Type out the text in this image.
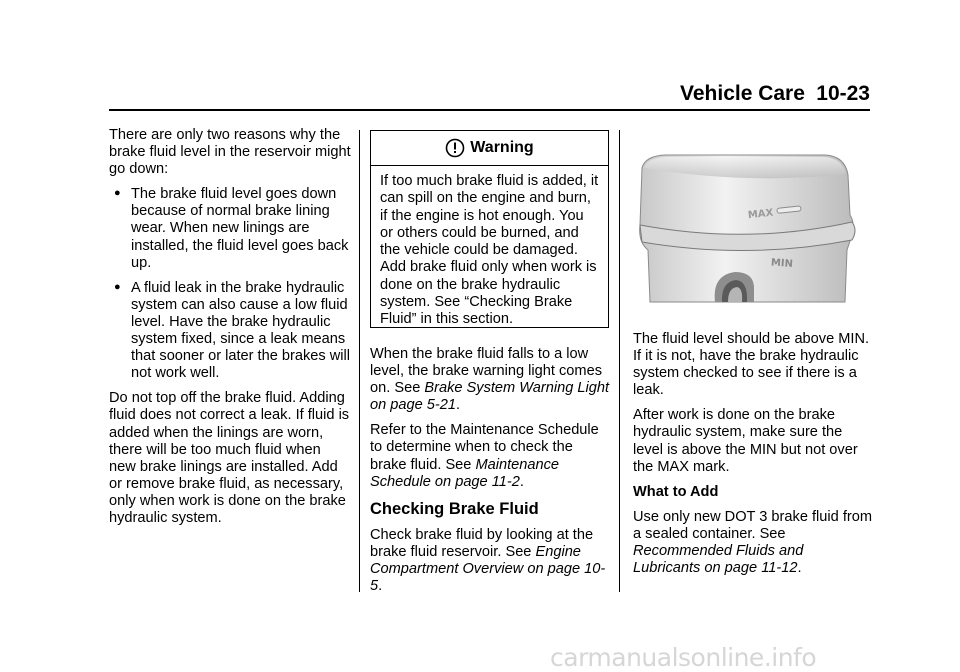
Vehicle Care 10-23

There are only two reasons why the brake fluid level in the reservoir might go down:

● The brake fluid level goes down because of normal brake lining wear. When new linings are installed, the fluid level goes back up.
● A fluid leak in the brake hydraulic system can also cause a low fluid level. Have the brake hydraulic system fixed, since a leak means that sooner or later the brakes will not work well.

Do not top off the brake fluid. Adding fluid does not correct a leak. If fluid is added when the linings are worn, there will be too much fluid when new brake linings are installed. Add or remove brake fluid, as necessary, only when work is done on the brake hydraulic system.

Warning
If too much brake fluid is added, it can spill on the engine and burn, if the engine is hot enough. You or others could be burned, and the vehicle could be damaged. Add brake fluid only when work is done on the brake hydraulic system. See “Checking Brake Fluid” in this section.

When the brake fluid falls to a low level, the brake warning light comes on. See Brake System Warning Light on page 5-21.

Refer to the Maintenance Schedule to determine when to check the brake fluid. See Maintenance Schedule on page 11-2.

Checking Brake Fluid

Check brake fluid by looking at the brake fluid reservoir. See Engine Compartment Overview on page 10-5.

MAX
MIN

The fluid level should be above MIN. If it is not, have the brake hydraulic system checked to see if there is a leak.

After work is done on the brake hydraulic system, make sure the level is above the MIN but not over the MAX mark.

What to Add

Use only new DOT 3 brake fluid from a sealed container. See Recommended Fluids and Lubricants on page 11-12.

carmanualsonline.info
